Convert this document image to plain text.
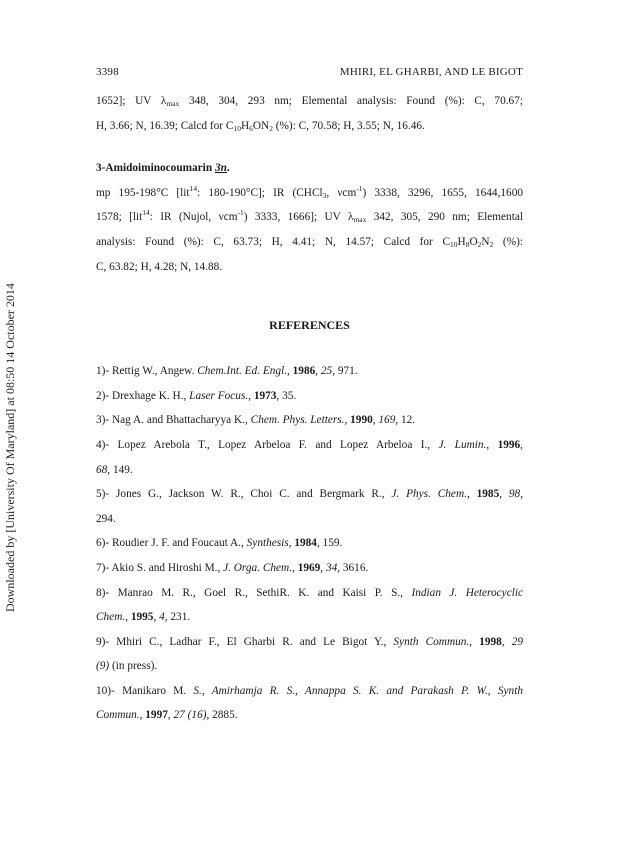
3398	MHIRI, EL GHARBI, AND LE BIGOT
Downloaded by [University Of Maryland] at 08:50 14 October 2014
1652]; UV $\lambda_{max}$ 348, 304, 293 nm; Elemental analysis: Found (%): C, 70.67;
H, 3.66; N, 16.39; Calcd for $C_{10}H_6ON_2$ (%): C, 70.58; H, 3.55; N, 16.46.
3-Amidoiminocoumarin 3n.
mp 195-198°C [lit$^{14}$: 180-190°C]; IR (CHCl$_3$, νcm$^{-1}$) 3338, 3296, 1655, 1644,1600
1578; [lit$^{14}$: IR (Nujol, νcm$^{-1}$) 3333, 1666]; UV $\lambda_{max}$ 342, 305, 290 nm; Elemental
analysis: Found (%): C, 63.73; H, 4.41; N, 14.57; Calcd for $C_{10}H_8O_2N_2$ (%):
C, 63.82; H, 4.28; N, 14.88.
REFERENCES
1)- Rettig W., Angew. Chem.Int. Ed. Engl., 1986, 25, 971.
2)- Drexhage K. H., Laser Focus., 1973, 35.
3)- Nag A. and Bhattacharyya K., Chem. Phys. Letters., 1990, 169, 12.
4)- Lopez Arebola T., Lopez Arbeloa F. and Lopez Arbeloa I., J. Lumin., 1996,
68, 149.
5)- Jones G., Jackson W. R., Choi C. and Bergmark R., J. Phys. Chem., 1985, 98,
294.
6)- Roudier J. F. and Foucaut A., Synthesis, 1984, 159.
7)- Akio S. and Hiroshi M., J. Orga. Chem., 1969, 34, 3616.
8)- Manrao M. R., Goel R., SethiR. K. and Kaisi P. S., Indian J. Heterocyclic
Chem., 1995, 4, 231.
9)- Mhiri C., Ladhar F., El Gharbi R. and Le Bigot Y., Synth Commun., 1998, 29
(9) (in press).
10)- Manikaro M. S., Amirhamja R. S., Annappa S. K. and Parakash P. W., Synth
Commun., 1997, 27 (16), 2885.
